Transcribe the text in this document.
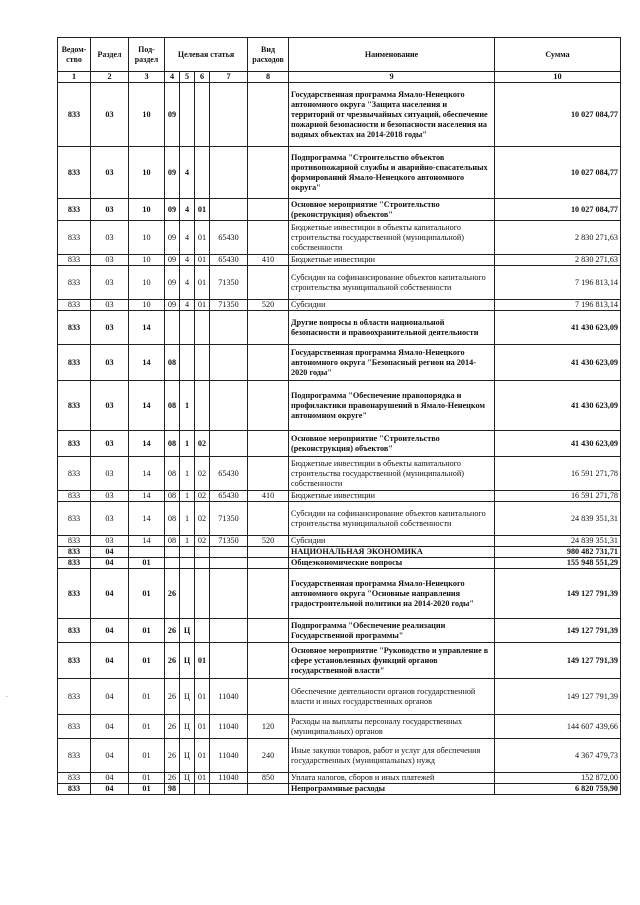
Ведом-ство	Раздел	Под-раздел	Целевая статья				Вид расходов	Наименование	Сумма
1	2	3	4	5	6	7	8	9	10
833	03	10	09					Государственная программа Ямало-Ненецкого автономного округа "Защита населения и территорий от чрезвычайных ситуаций, обеспечение пожарной безопасности и безопасности населения на водных объектах на 2014-2018 годы"	10 027 084,77
833	03	10	09	4				Подпрограмма "Строительство объектов противопожарной службы и аварийно-спасательных формирований Ямало-Ненецкого автономного округа"	10 027 084,77
833	03	10	09	4	01			Основное мероприятие "Строительство (реконструкция) объектов"	10 027 084,77
833	03	10	09	4	01	65430		Бюджетные инвестиции в объекты капитального строительства государственной (муниципальной) собственности	2 830 271,63
833	03	10	09	4	01	65430	410	Бюджетные инвестиции	2 830 271,63
833	03	10	09	4	01	71350		Субсидии на софинансирование объектов капитального строительства муниципальной собственности	7 196 813,14
833	03	10	09	4	01	71350	520	Субсидии	7 196 813,14
833	03	14						Другие вопросы в области национальной безопасности и правоохранительной деятельности	41 430 623,09
833	03	14	08					Государственная программа Ямало-Ненецкого автономного округа "Безопасный регион на 2014-2020 годы"	41 430 623,09
833	03	14	08	1				Подпрограмма "Обеспечение правопорядка и профилактики правонарушений в Ямало-Ненецком автономном округе"	41 430 623,09
833	03	14	08	1	02			Основное мероприятие "Строительство (реконструкция) объектов"	41 430 623,09
833	03	14	08	1	02	65430		Бюджетные инвестиции в объекты капитального строительства государственной (муниципальной) собственности	16 591 271,78
833	03	14	08	1	02	65430	410	Бюджетные инвестиции	16 591 271,78
833	03	14	08	1	02	71350		Субсидии на софинансирование объектов капитального строительства муниципальной собственности	24 839 351,31
833	03	14	08	1	02	71350	520	Субсидии	24 839 351,31
833	04							НАЦИОНАЛЬНАЯ ЭКОНОМИКА	980 482 731,71
833	04	01						Общеэкономические вопросы	155 948 551,29
833	04	01	26					Государственная программа Ямало-Ненецкого автономного округа "Основные направления градостроительной политики на 2014-2020 годы"	149 127 791,39
833	04	01	26	Ц				Подпрограмма "Обеспечение реализации Государственной программы"	149 127 791,39
833	04	01	26	Ц	01			Основное мероприятие "Руководство и управление в сфере установленных функций органов государственной власти"	149 127 791,39
833	04	01	26	Ц	01	11040		Обеспечение деятельности органов государственной власти и иных государственных органов	149 127 791,39
833	04	01	26	Ц	01	11040	120	Расходы на выплаты персоналу государственных (муниципальных) органов	144 607 439,66
833	04	01	26	Ц	01	11040	240	Иные закупки товаров, работ и услуг для обеспечения государственных (муниципальных) нужд	4 367 479,73
833	04	01	26	Ц	01	11040	850	Уплата налогов, сборов и иных платежей	152 872,00
833	04	01	98					Непрограммные расходы	6 820 759,90
.
